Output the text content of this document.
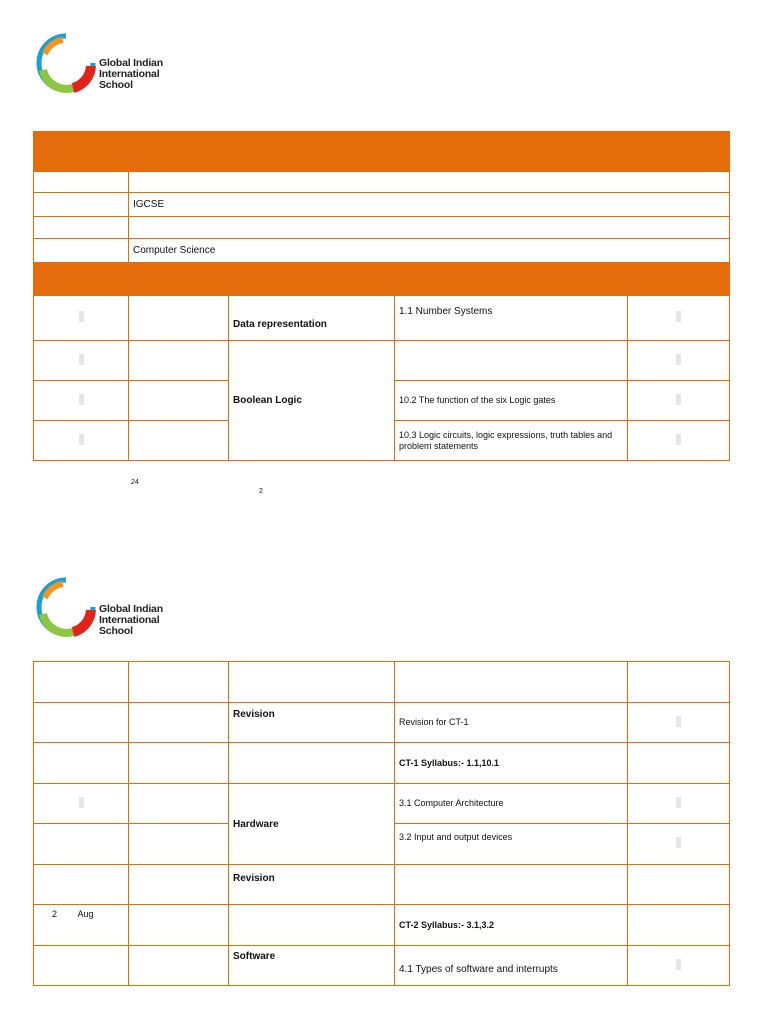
Global Indian
International
School

	IGCSE			

	Computer Science			

		Data representation	1.1 Number Systems	
		Boolean Logic		
			10.2 The function of the six Logic gates	
			10.3 Logic circuits, logic expressions, truth tables and problem statements	
24
2
Global Indian
International
School

		Revision	Revision for CT-1	
			CT-1 Syllabus:- 1.1,10.1	
		Hardware	3.1 Computer Architecture	
			3.2 Input and output devices	
		Revision		
2 Aug			CT-2 Syllabus:- 3.1,3.2	
		Software	4.1 Types of software and interrupts	
